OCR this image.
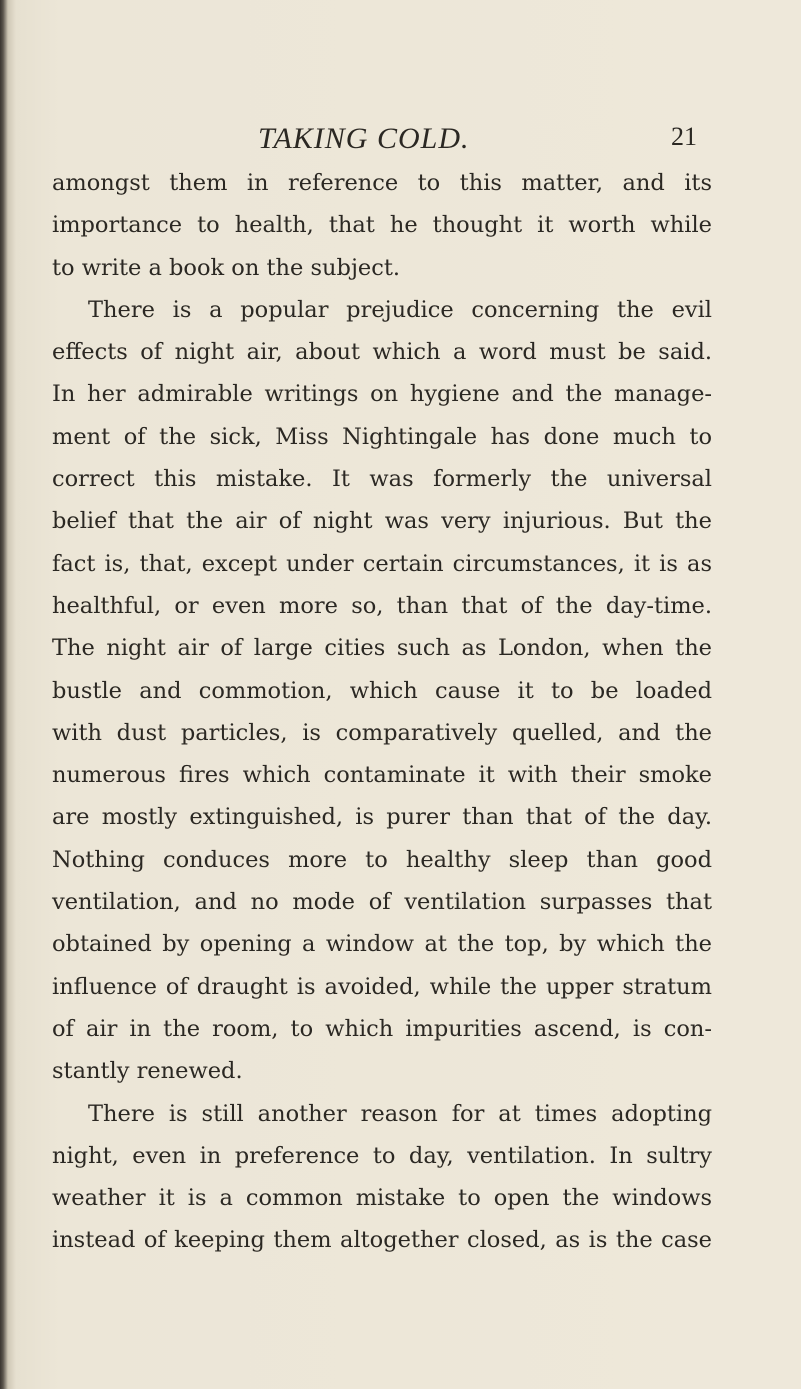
TAKING COLD.	21
amongst them in reference to this matter, and its
importance to health, that he thought it worth while
to write a book on the subject.
There is a popular prejudice concerning the evil
effects of night air, about which a word must be said.
In her admirable writings on hygiene and the manage-
ment of the sick, Miss Nightingale has done much to
correct this mistake. It was formerly the universal
belief that the air of night was very injurious. But the
fact is, that, except under certain circumstances, it is as
healthful, or even more so, than that of the day-time.
The night air of large cities such as London, when the
bustle and commotion, which cause it to be loaded
with dust particles, is comparatively quelled, and the
numerous fires which contaminate it with their smoke
are mostly extinguished, is purer than that of the day.
Nothing conduces more to healthy sleep than good
ventilation, and no mode of ventilation surpasses that
obtained by opening a window at the top, by which the
influence of draught is avoided, while the upper stratum
of air in the room, to which impurities ascend, is con-
stantly renewed.
There is still another reason for at times adopting
night, even in preference to day, ventilation. In sultry
weather it is a common mistake to open the windows
instead of keeping them altogether closed, as is the case
